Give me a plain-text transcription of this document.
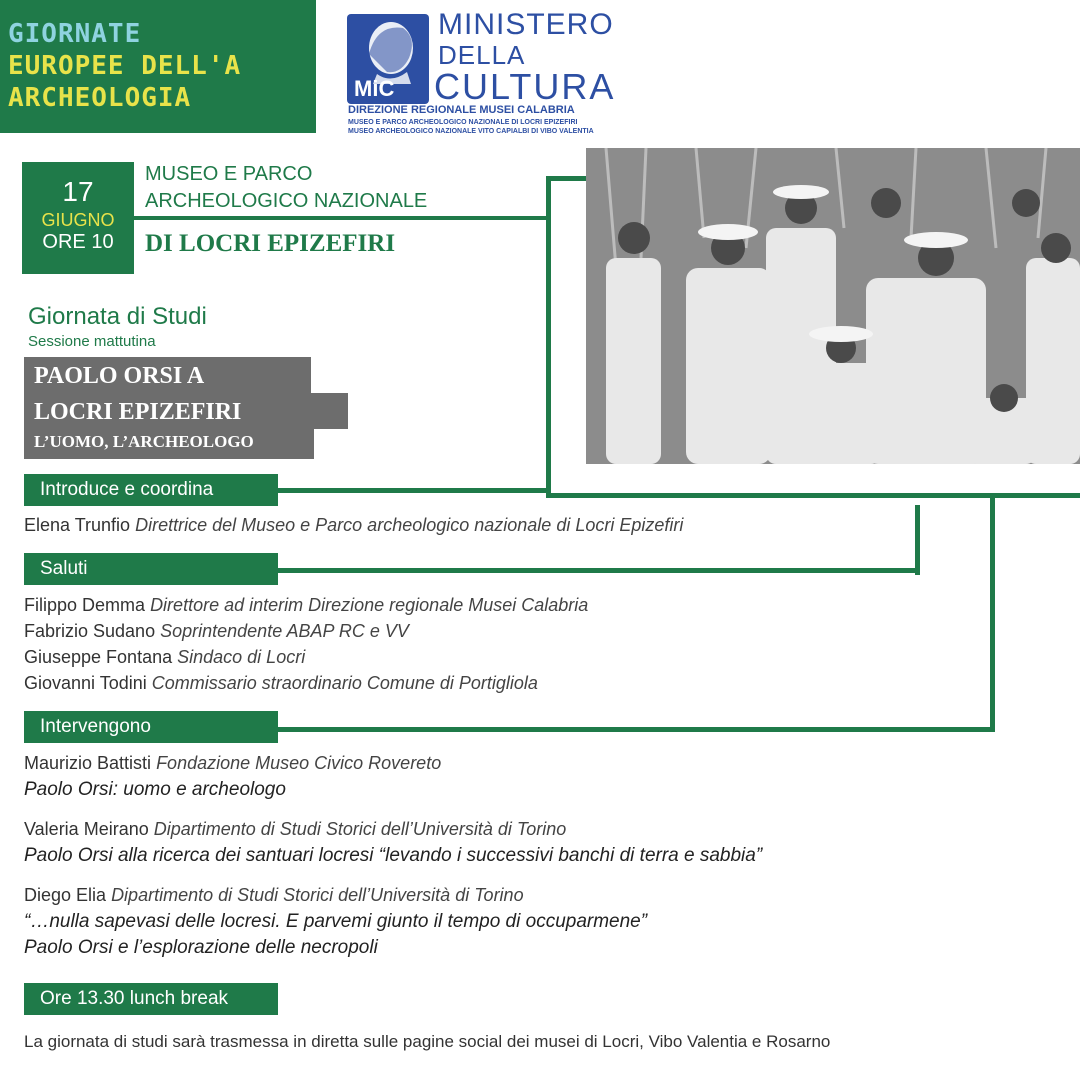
GIORNATE
EUROPEE DELL'A
ARCHEOLOGIA	MiC
MINISTERO
DELLA
CULTURA
DIREZIONE REGIONALE MUSEI CALABRIA
MUSEO E PARCO ARCHEOLOGICO NAZIONALE DI LOCRI EPIZEFIRI
MUSEO ARCHEOLOGICO NAZIONALE VITO CAPIALBI DI VIBO VALENTIA
17
GIUGNO
ORE 10
MUSEO E PARCO
ARCHEOLOGICO NAZIONALE
DI LOCRI EPIZEFIRI
Giornata di Studi
Sessione mattutina
PAOLO ORSI A
LOCRI EPIZEFIRI
L’UOMO, L’ARCHEOLOGO
Introduce e coordina
Elena Trunfio Direttrice del Museo e Parco archeologico nazionale di Locri Epizefiri
Saluti
Filippo Demma Direttore ad interim Direzione regionale Musei Calabria
Fabrizio Sudano Soprintendente ABAP RC e VV
Giuseppe Fontana Sindaco di Locri
Giovanni Todini Commissario straordinario Comune di Portigliola
Intervengono
Maurizio Battisti Fondazione Museo Civico Rovereto
Paolo Orsi: uomo e archeologo
Valeria Meirano Dipartimento di Studi Storici dell’Università di Torino
Paolo Orsi alla ricerca dei santuari locresi “levando i successivi banchi di terra e sabbia”
Diego Elia Dipartimento di Studi Storici dell’Università di Torino
“…nulla sapevasi delle locresi. E parvemi giunto il tempo di occuparmene”
Paolo Orsi e l’esplorazione delle necropoli
Ore 13.30 lunch break
La giornata di studi sarà trasmessa in diretta sulle pagine social dei musei di Locri, Vibo Valentia e Rosarno
